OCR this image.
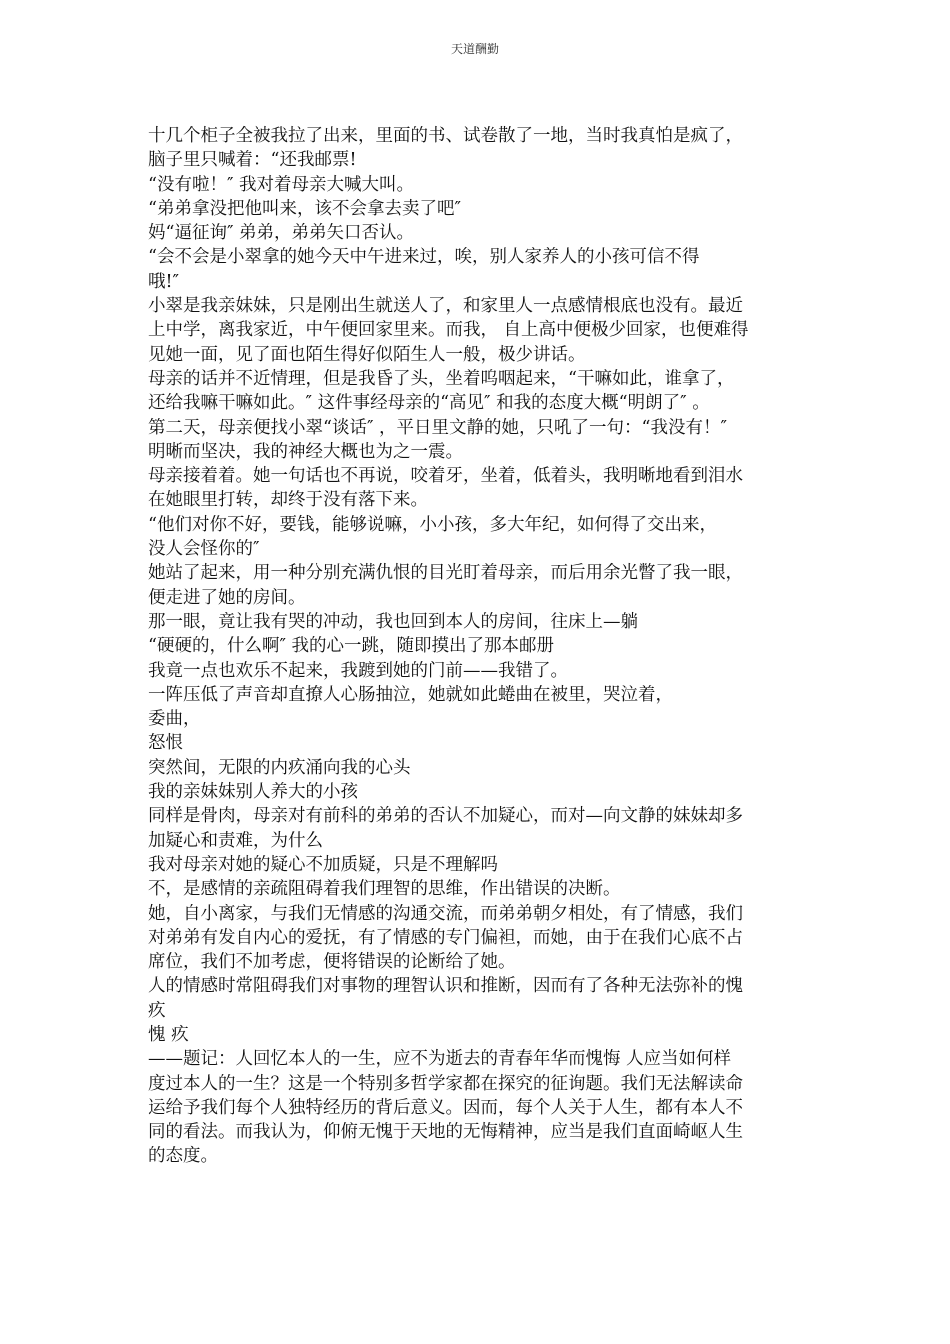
天道酬勤
十几个柜子全被我拉了出来，里面的书、试卷散了一地，当时我真怕是疯了，
脑子里只喊着：“还我邮票!
“没有啦！″ 我对着母亲大喊大叫。
“弟弟拿没把他叫来，该不会拿去卖了吧″
妈“逼征询″ 弟弟，弟弟矢口否认。
“会不会是小翠拿的她今天中午进来过，唉，别人家养人的小孩可信不得
哦!″
小翠是我亲妹妹，只是刚出生就送人了，和家里人一点感情根底也没有。最近
上中学，离我家近，中午便回家里来。而我， 自上高中便极少回家，也便难得
见她一面，见了面也陌生得好似陌生人一般，极少讲话。
母亲的话并不近情理，但是我昏了头，坐着呜咽起来，“干嘛如此，谁拿了，
还给我嘛干嘛如此。″ 这件事经母亲的“高见″ 和我的态度大概“明朗了″ 。
第二天，母亲便找小翠“谈话″ ，平日里文静的她，只吼了一句：“我没有！″
明晰而坚决，我的神经大概也为之一震。
母亲接着着。她一句话也不再说，咬着牙，坐着，低着头，我明晰地看到泪水
在她眼里打转，却终于没有落下来。
“他们对你不好，要钱，能够说嘛，小小孩，多大年纪，如何得了交出来，
没人会怪你的″
她站了起来，用一种分别充满仇恨的目光盯着母亲，而后用余光瞥了我一眼，
便走进了她的房间。
那一眼，竟让我有哭的冲动，我也回到本人的房间，往床上—躺
“硬硬的，什么啊″ 我的心一跳，随即摸出了那本邮册
我竟一点也欢乐不起来，我踱到她的门前——我错了。
一阵压低了声音却直撩人心肠抽泣，她就如此蜷曲在被里，哭泣着，
委曲，
怒恨
突然间，无限的内疚涌向我的心头
我的亲妹妹别人养大的小孩
同样是骨肉，母亲对有前科的弟弟的否认不加疑心，而对—向文静的妹妹却多
加疑心和责难，为什么
我对母亲对她的疑心不加质疑，只是不理解吗
不，是感情的亲疏阻碍着我们理智的思维，作出错误的决断。
她，自小离家，与我们无情感的沟通交流，而弟弟朝夕相处，有了情感，我们
对弟弟有发自内心的爱抚，有了情感的专门偏袒，而她，由于在我们心底不占
席位，我们不加考虑，便将错误的论断给了她。
人的情感时常阻碍我们对事物的理智认识和推断，因而有了各种无法弥补的愧
疚
愧 疚
——题记：人回忆本人的一生，应不为逝去的青春年华而愧悔 人应当如何样
度过本人的一生？这是一个特别多哲学家都在探究的征询题。我们无法解读命
运给予我们每个人独特经历的背后意义。因而，每个人关于人生，都有本人不
同的看法。而我认为，仰俯无愧于天地的无悔精神，应当是我们直面崎岖人生
的态度。
